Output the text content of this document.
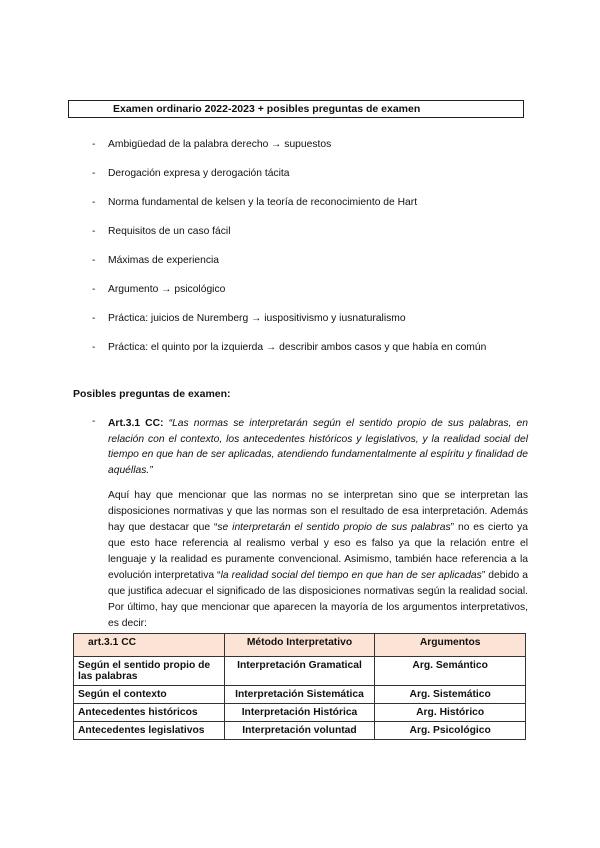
Examen ordinario 2022-2023 + posibles preguntas de examen
- Ambigüedad de la palabra derecho → supuestos
- Derogación expresa y derogación tácita
- Norma fundamental de kelsen y la teoría de reconocimiento de Hart
- Requisitos de un caso fácil
- Máximas de experiencia
- Argumento → psicológico
- Práctica: juicios de Nuremberg → iuspositivismo y iusnaturalismo
- Práctica: el quinto por la izquierda → describir ambos casos y que había en común
Posibles preguntas de examen:
- Art.3.1 CC: “Las normas se interpretarán según el sentido propio de sus palabras, en relación con el contexto, los antecedentes históricos y legislativos, y la realidad social del tiempo en que han de ser aplicadas, atendiendo fundamentalmente al espíritu y finalidad de aquéllas.”
Aquí hay que mencionar que las normas no se interpretan sino que se interpretan las disposiciones normativas y que las normas son el resultado de esa interpretación. Además hay que destacar que “se interpretarán el sentido propio de sus palabras” no es cierto ya que esto hace referencia al realismo verbal y eso es falso ya que la relación entre el lenguaje y la realidad es puramente convencional. Asimismo, también hace referencia a la evolución interpretativa “la realidad social del tiempo en que han de ser aplicadas” debido a que justifica adecuar el significado de las disposiciones normativas según la realidad social. Por último, hay que mencionar que aparecen la mayoría de los argumentos interpretativos, es decir:
art.3.1 CC	Método Interpretativo	Argumentos
Según el sentido propio de las palabras	Interpretación Gramatical	Arg. Semántico
Según el contexto	Interpretación Sistemática	Arg. Sistemático
Antecedentes históricos	Interpretación Histórica	Arg. Histórico
Antecedentes legislativos	Interpretación voluntad	Arg. Psicológico
